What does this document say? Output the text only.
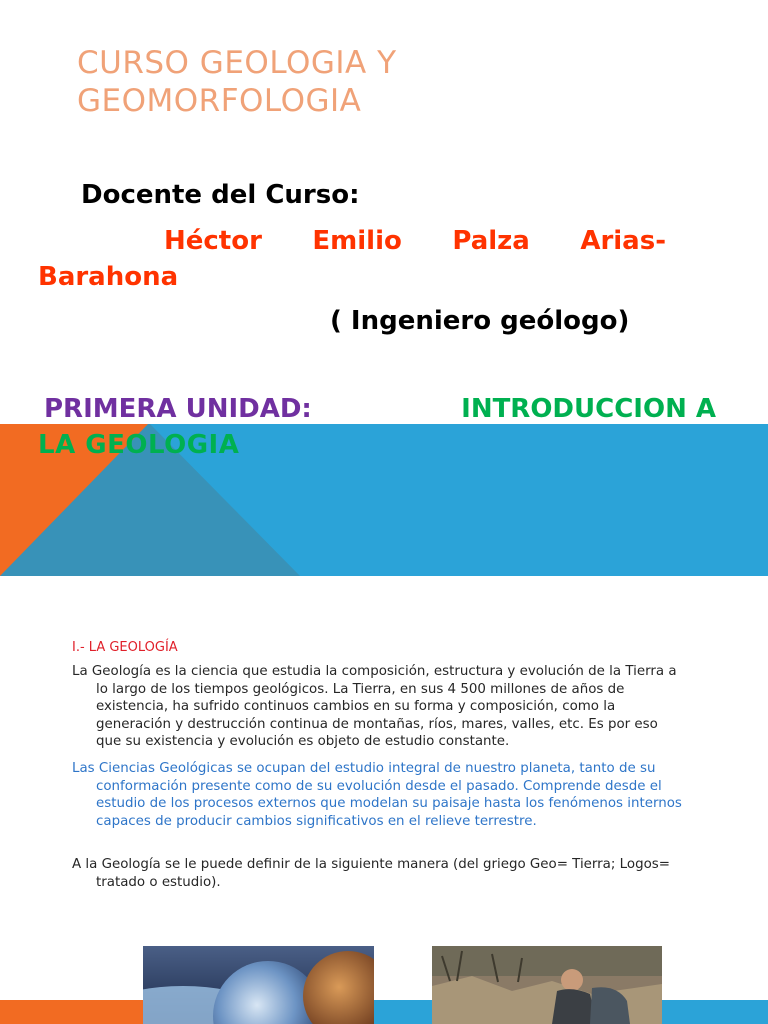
CURSO GEOLOGIA Y GEOMORFOLOGIA
Docente del Curso:
Héctor Emilio Palza Arias-
Barahona
( Ingeniero geólogo)
PRIMERA UNIDAD:	INTRODUCCION A
LA GEOLOGIA
I.- LA GEOLOGÍA

La Geología es la ciencia que estudia la composición, estructura y evolución de la Tierra a lo largo de los tiempos geológicos. La Tierra, en sus 4 500 millones de años de existencia, ha sufrido continuos cambios en su forma y composición, como la generación y destrucción continua de montañas, ríos, mares, valles, etc. Es por eso que su existencia y evolución es objeto de estudio constante.

Las Ciencias Geológicas se ocupan del estudio integral de nuestro planeta, tanto de su conformación presente como de su evolución desde el pasado. Comprende desde el estudio de los procesos externos que modelan su paisaje hasta los fenómenos internos capaces de producir cambios significativos en el relieve terrestre.

A la Geología se le puede definir de la siguiente manera (del griego Geo= Tierra; Logos= tratado o estudio).
